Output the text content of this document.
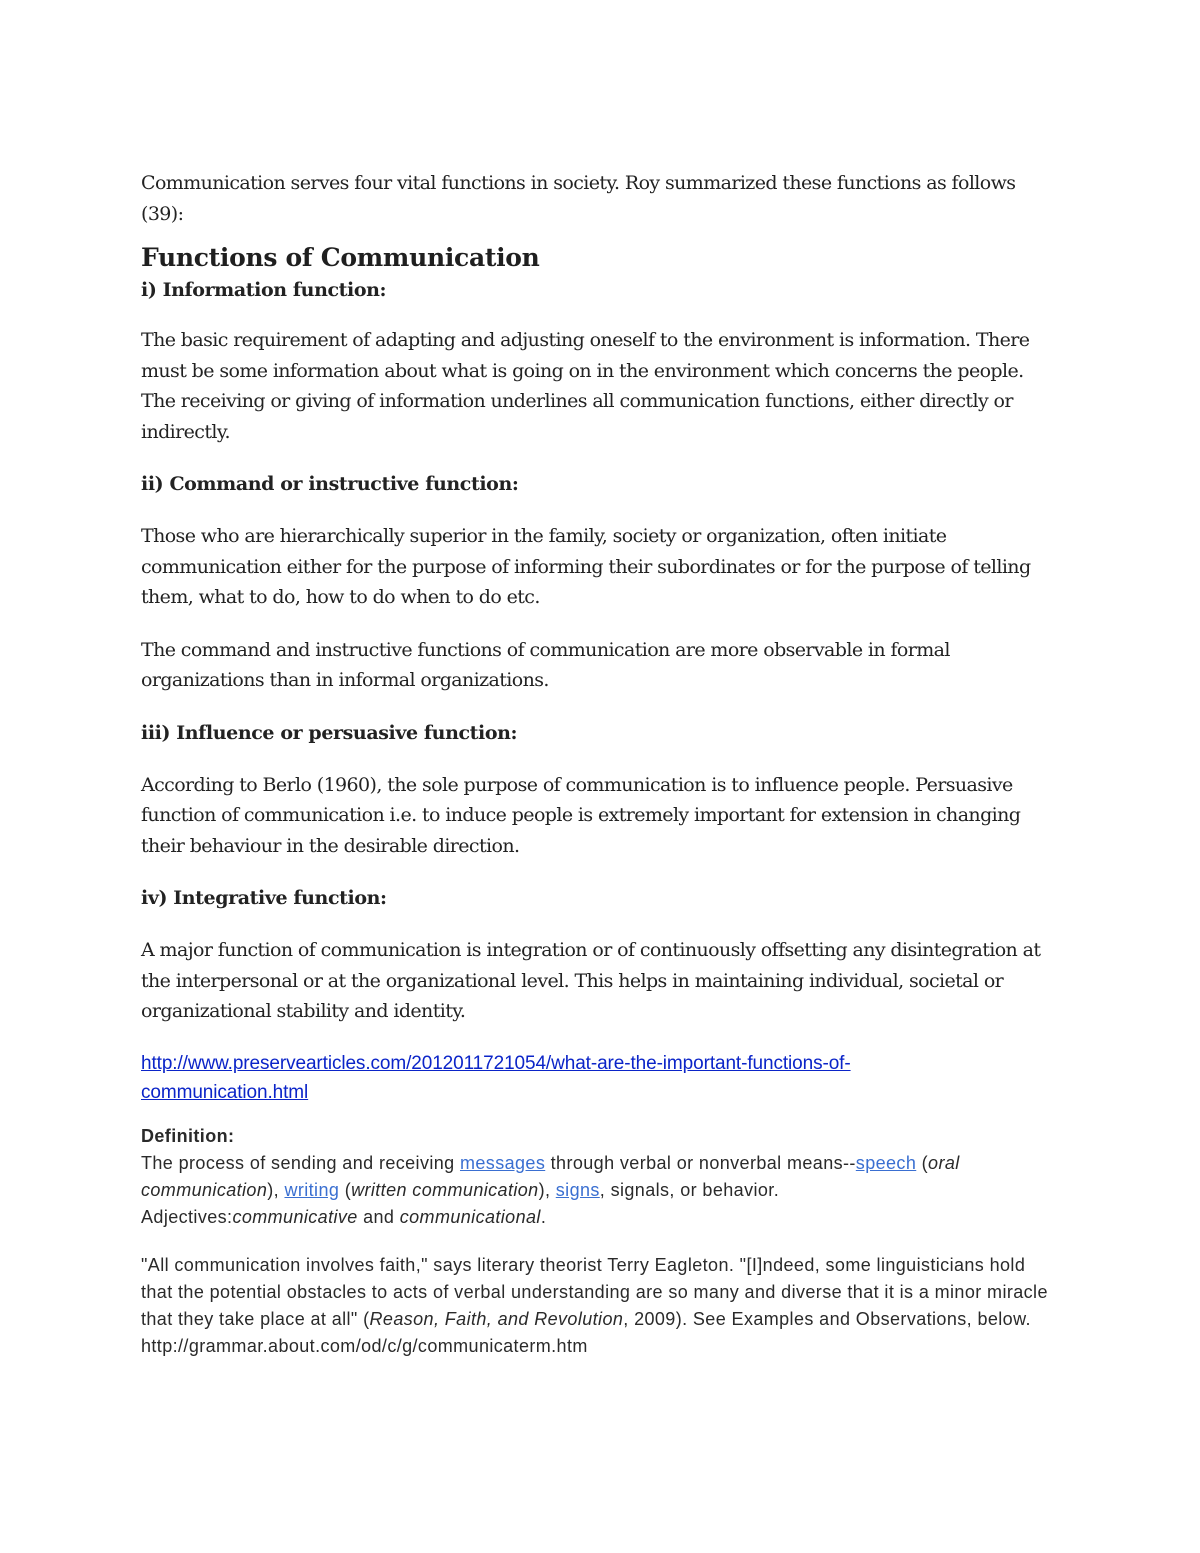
Communication serves four vital functions in society. Roy summarized these functions as follows
(39):

Functions of Communication
i) Information function:

The basic requirement of adapting and adjusting oneself to the environment is information. There must be some information about what is going on in the environment which concerns the people. The receiving or giving of information underlines all communication functions, either directly or indirectly.

ii) Command or instructive function:

Those who are hierarchically superior in the family, society or organization, often initiate communication either for the purpose of informing their subordinates or for the purpose of telling them, what to do, how to do when to do etc.

The command and instructive functions of communication are more observable in formal organizations than in informal organizations.

iii) Influence or persuasive function:

According to Berlo (1960), the sole purpose of communication is to influence people. Persuasive function of communication i.e. to induce people is extremely important for extension in changing their behaviour in the desirable direction.

iv) Integrative function:

A major function of communication is integration or of continuously offsetting any disintegration at the interpersonal or at the organizational level. This helps in maintaining individual, societal or organizational stability and identity.

http://www.preservearticles.com/2012011721054/what-are-the-important-functions-of-communication.html

Definition:

The process of sending and receiving messages through verbal or nonverbal means--speech (oral communication), writing (written communication), signs, signals, or behavior.
Adjectives:communicative and communicational.

"All communication involves faith," says literary theorist Terry Eagleton. "[I]ndeed, some linguisticians hold that the potential obstacles to acts of verbal understanding are so many and diverse that it is a minor miracle that they take place at all" (Reason, Faith, and Revolution, 2009). See Examples and Observations, below. http://grammar.about.com/od/c/g/communicaterm.htm
